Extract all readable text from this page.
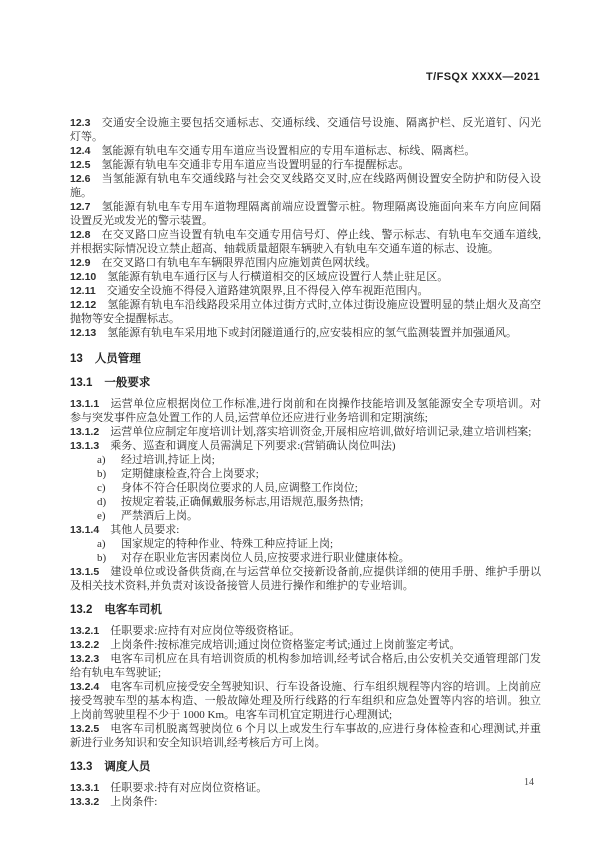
T/FSQX XXXX—2021

12.3 交通安全设施主要包括交通标志、交通标线、交通信号设施、隔离护栏、反光道钉、闪光灯等。

12.4 氢能源有轨电车交通专用车道应当设置相应的专用车道标志、标线、隔离栏。

12.5 氢能源有轨电车交通非专用车道应当设置明显的行车提醒标志。

12.6 当氢能源有轨电车交通线路与社会交叉线路交叉时,应在线路两侧设置安全防护和防侵入设施。

12.7 氢能源有轨电车专用车道物理隔离前端应设置警示桩。物理隔离设施面向来车方向应间隔设置反光或发光的警示装置。

12.8 在交叉路口应当设置有轨电车交通专用信号灯、停止线、警示标志、有轨电车交通车道线,并根据实际情况设立禁止超高、轴载质量超限车辆驶入有轨电车交通车道的标志、设施。

12.9 在交叉路口有轨电车车辆限界范围内应施划黄色网状线。

12.10 氢能源有轨电车通行区与人行横道相交的区域应设置行人禁止驻足区。

12.11 交通安全设施不得侵入道路建筑限界,且不得侵入停车视距范围内。

12.12 氢能源有轨电车沿线路段采用立体过街方式时,立体过街设施应设置明显的禁止烟火及高空抛物等安全提醒标志。

12.13 氢能源有轨电车采用地下或封闭隧道通行的,应安装相应的氢气监测装置并加强通风。

13 人员管理

13.1 一般要求

13.1.1 运营单位应根据岗位工作标准,进行岗前和在岗操作技能培训及氢能源安全专项培训。对参与突发事件应急处置工作的人员,运营单位还应进行业务培训和定期演练;

13.1.2 运营单位应制定年度培训计划,落实培训资金,开展相应培训,做好培训记录,建立培训档案;

13.1.3 乘务、巡查和调度人员需满足下列要求:(营销确认岗位叫法)

a) 经过培训,持证上岗;

b) 定期健康检查,符合上岗要求;

c) 身体不符合任职岗位要求的人员,应调整工作岗位;

d) 按规定着装,正确佩戴服务标志,用语规范,服务热情;

e) 严禁酒后上岗。

13.1.4 其他人员要求:

a) 国家规定的特种作业、特殊工种应持证上岗;

b) 对存在职业危害因素岗位人员,应按要求进行职业健康体检。

13.1.5 建设单位或设备供货商,在与运营单位交接新设备前,应提供详细的使用手册、维护手册以及相关技术资料,并负责对该设备接管人员进行操作和维护的专业培训。

13.2 电客车司机

13.2.1 任职要求:应持有对应岗位等级资格证。

13.2.2 上岗条件:按标准完成培训;通过岗位资格鉴定考试;通过上岗前鉴定考试。

13.2.3 电客车司机应在具有培训资质的机构参加培训,经考试合格后,由公安机关交通管理部门发给有轨电车驾驶证;

13.2.4 电客车司机应接受安全驾驶知识、行车设备设施、行车组织规程等内容的培训。上岗前应接受驾驶车型的基本构造、一般故障处理及所行线路的行车组织和应急处置等内容的培训。独立上岗前驾驶里程不少于 1000 Km。电客车司机宜定期进行心理测试;

13.2.5 电客车司机脱离驾驶岗位 6 个月以上或发生行车事故的,应进行身体检查和心理测试,并重新进行业务知识和安全知识培训,经考核后方可上岗。

13.3 调度人员

13.3.1 任职要求:持有对应岗位资格证。

13.3.2 上岗条件:

14
